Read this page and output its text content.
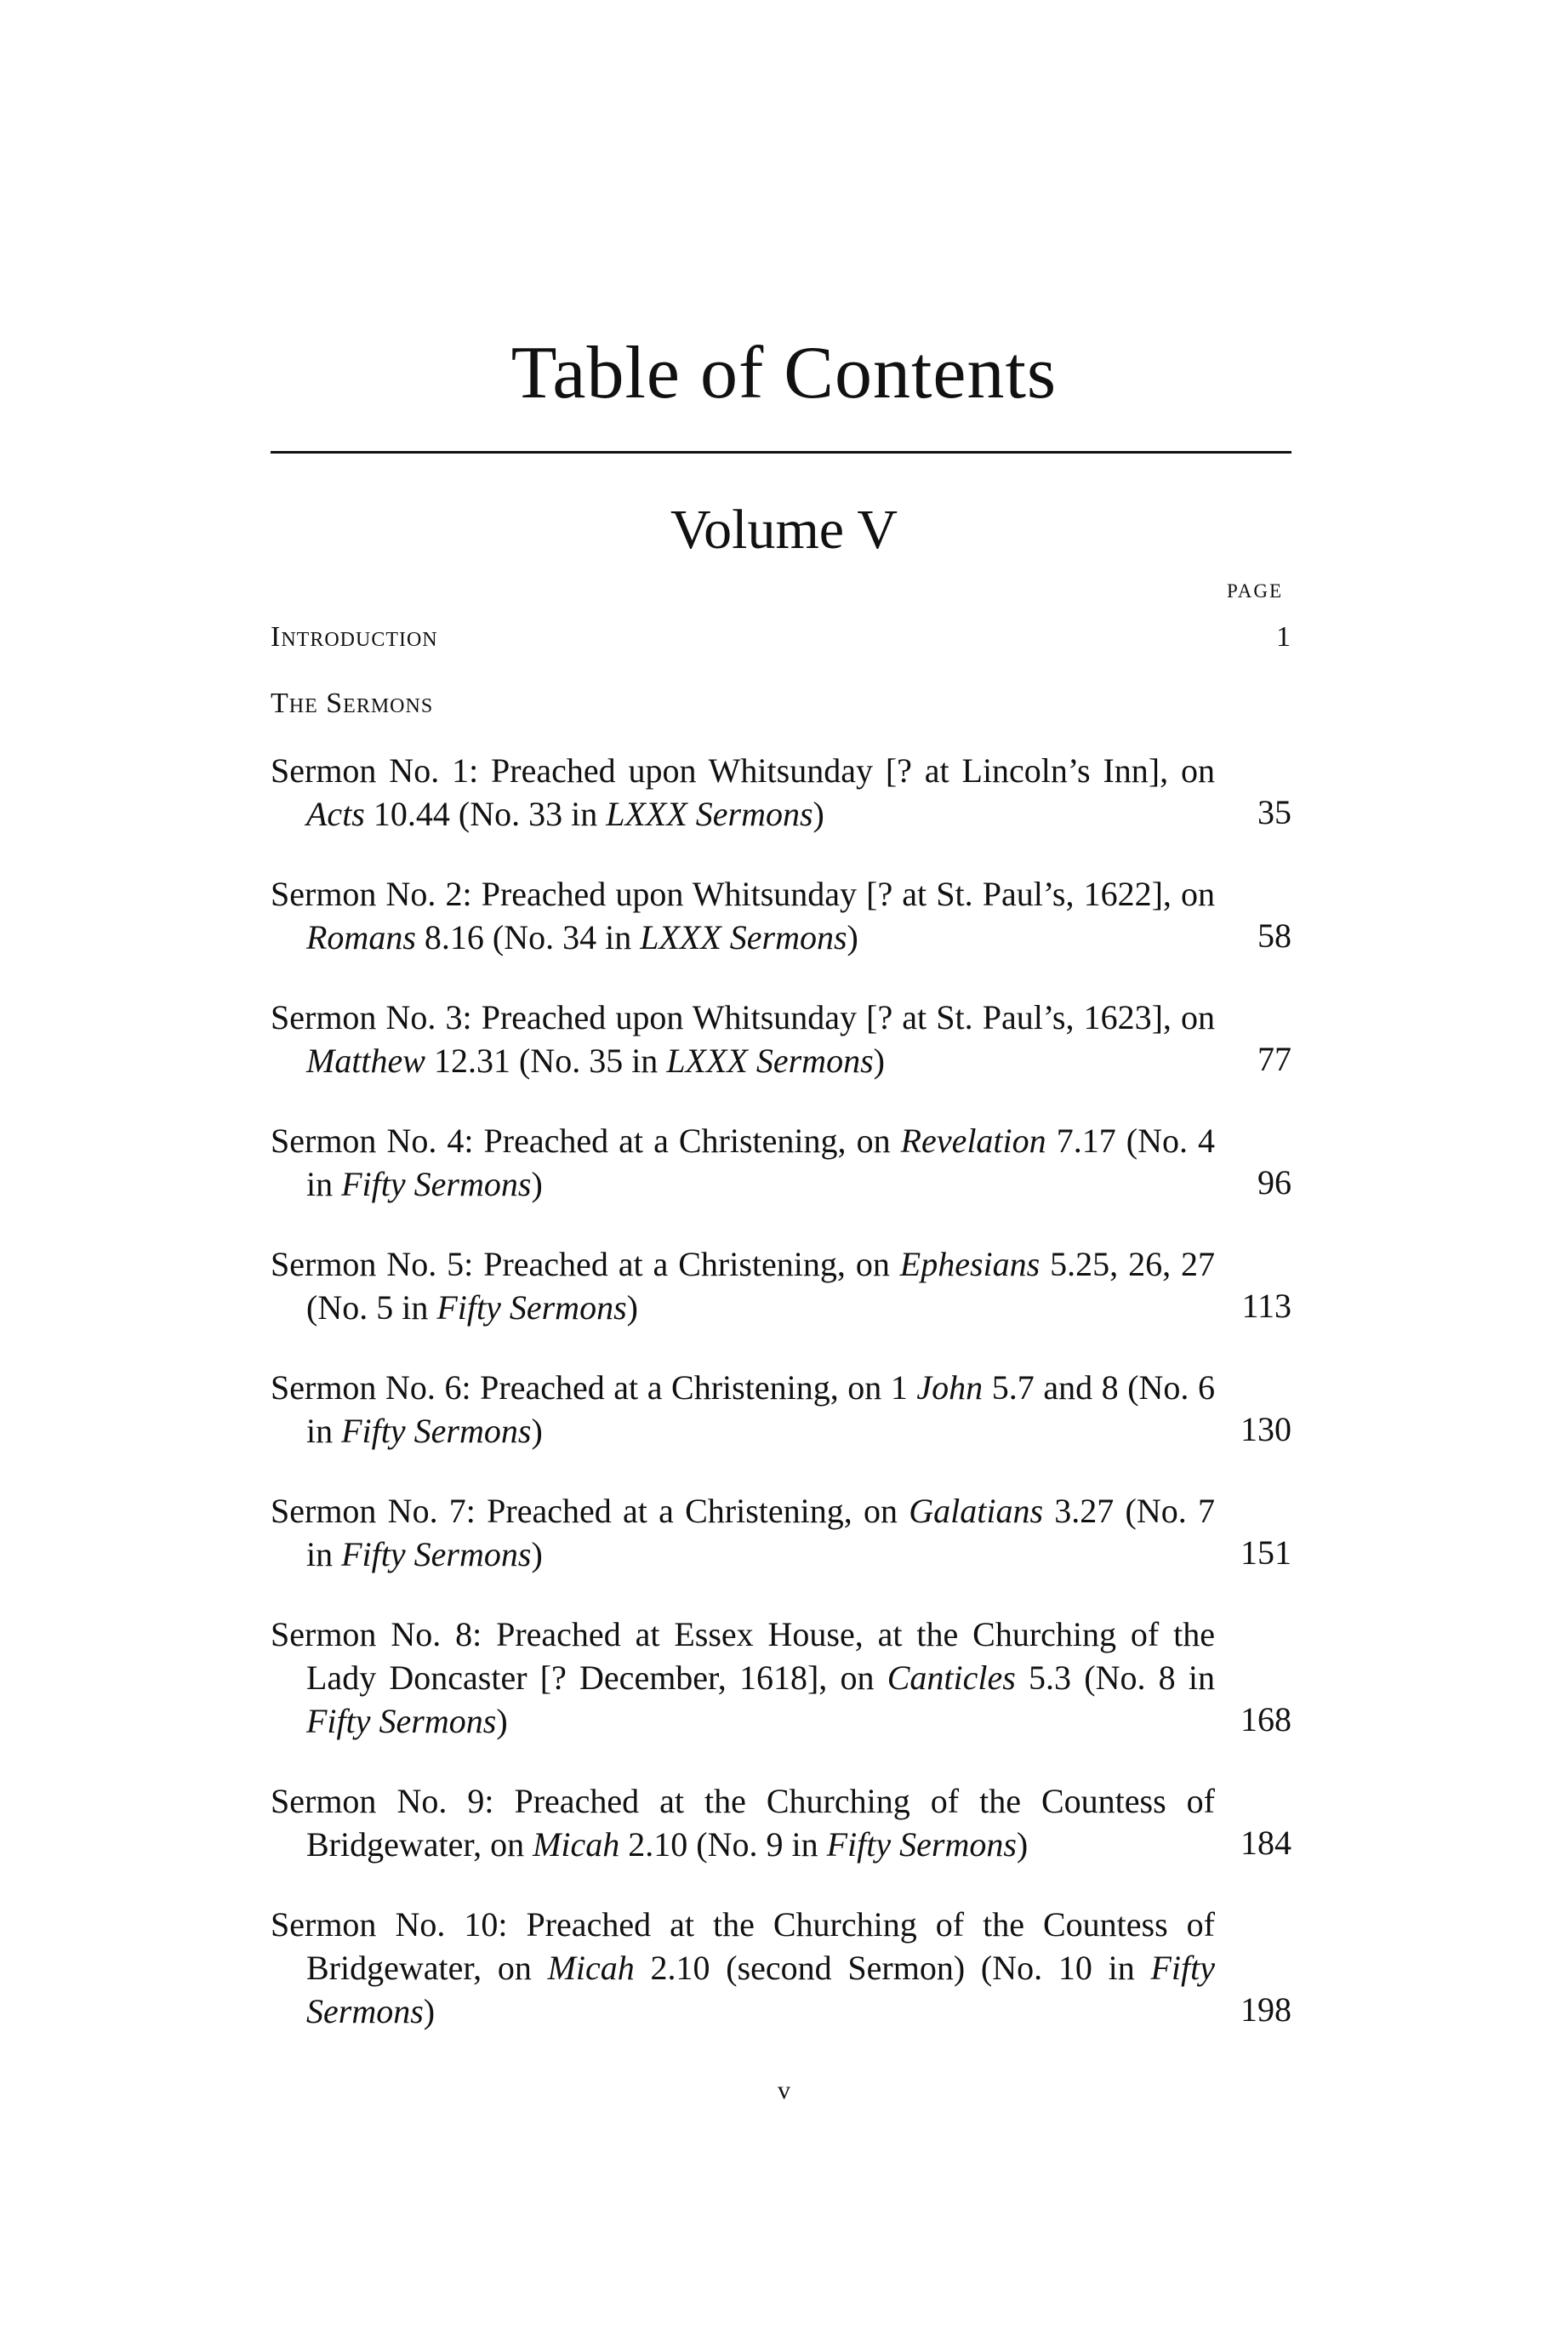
Table of Contents
Volume V
PAGE
Introduction	1
The Sermons
Sermon No. 1: Preached upon Whitsunday [? at Lincoln’s Inn], on Acts 10.44 (No. 33 in LXXX Sermons)	35
Sermon No. 2: Preached upon Whitsunday [? at St. Paul’s, 1622], on Romans 8.16 (No. 34 in LXXX Sermons)	58
Sermon No. 3: Preached upon Whitsunday [? at St. Paul’s, 1623], on Matthew 12.31 (No. 35 in LXXX Sermons)	77
Sermon No. 4: Preached at a Christening, on Revelation 7.17 (No. 4 in Fifty Sermons)	96
Sermon No. 5: Preached at a Christening, on Ephesians 5.25, 26, 27 (No. 5 in Fifty Sermons)	113
Sermon No. 6: Preached at a Christening, on 1 John 5.7 and 8 (No. 6 in Fifty Sermons)	130
Sermon No. 7: Preached at a Christening, on Galatians 3.27 (No. 7 in Fifty Sermons)	151
Sermon No. 8: Preached at Essex House, at the Churching of the Lady Doncaster [? December, 1618], on Canticles 5.3 (No. 8 in Fifty Sermons)	168
Sermon No. 9: Preached at the Churching of the Countess of Bridgewater, on Micah 2.10 (No. 9 in Fifty Sermons)	184
Sermon No. 10: Preached at the Churching of the Countess of Bridgewater, on Micah 2.10 (second Sermon) (No. 10 in Fifty Sermons)	198
v
